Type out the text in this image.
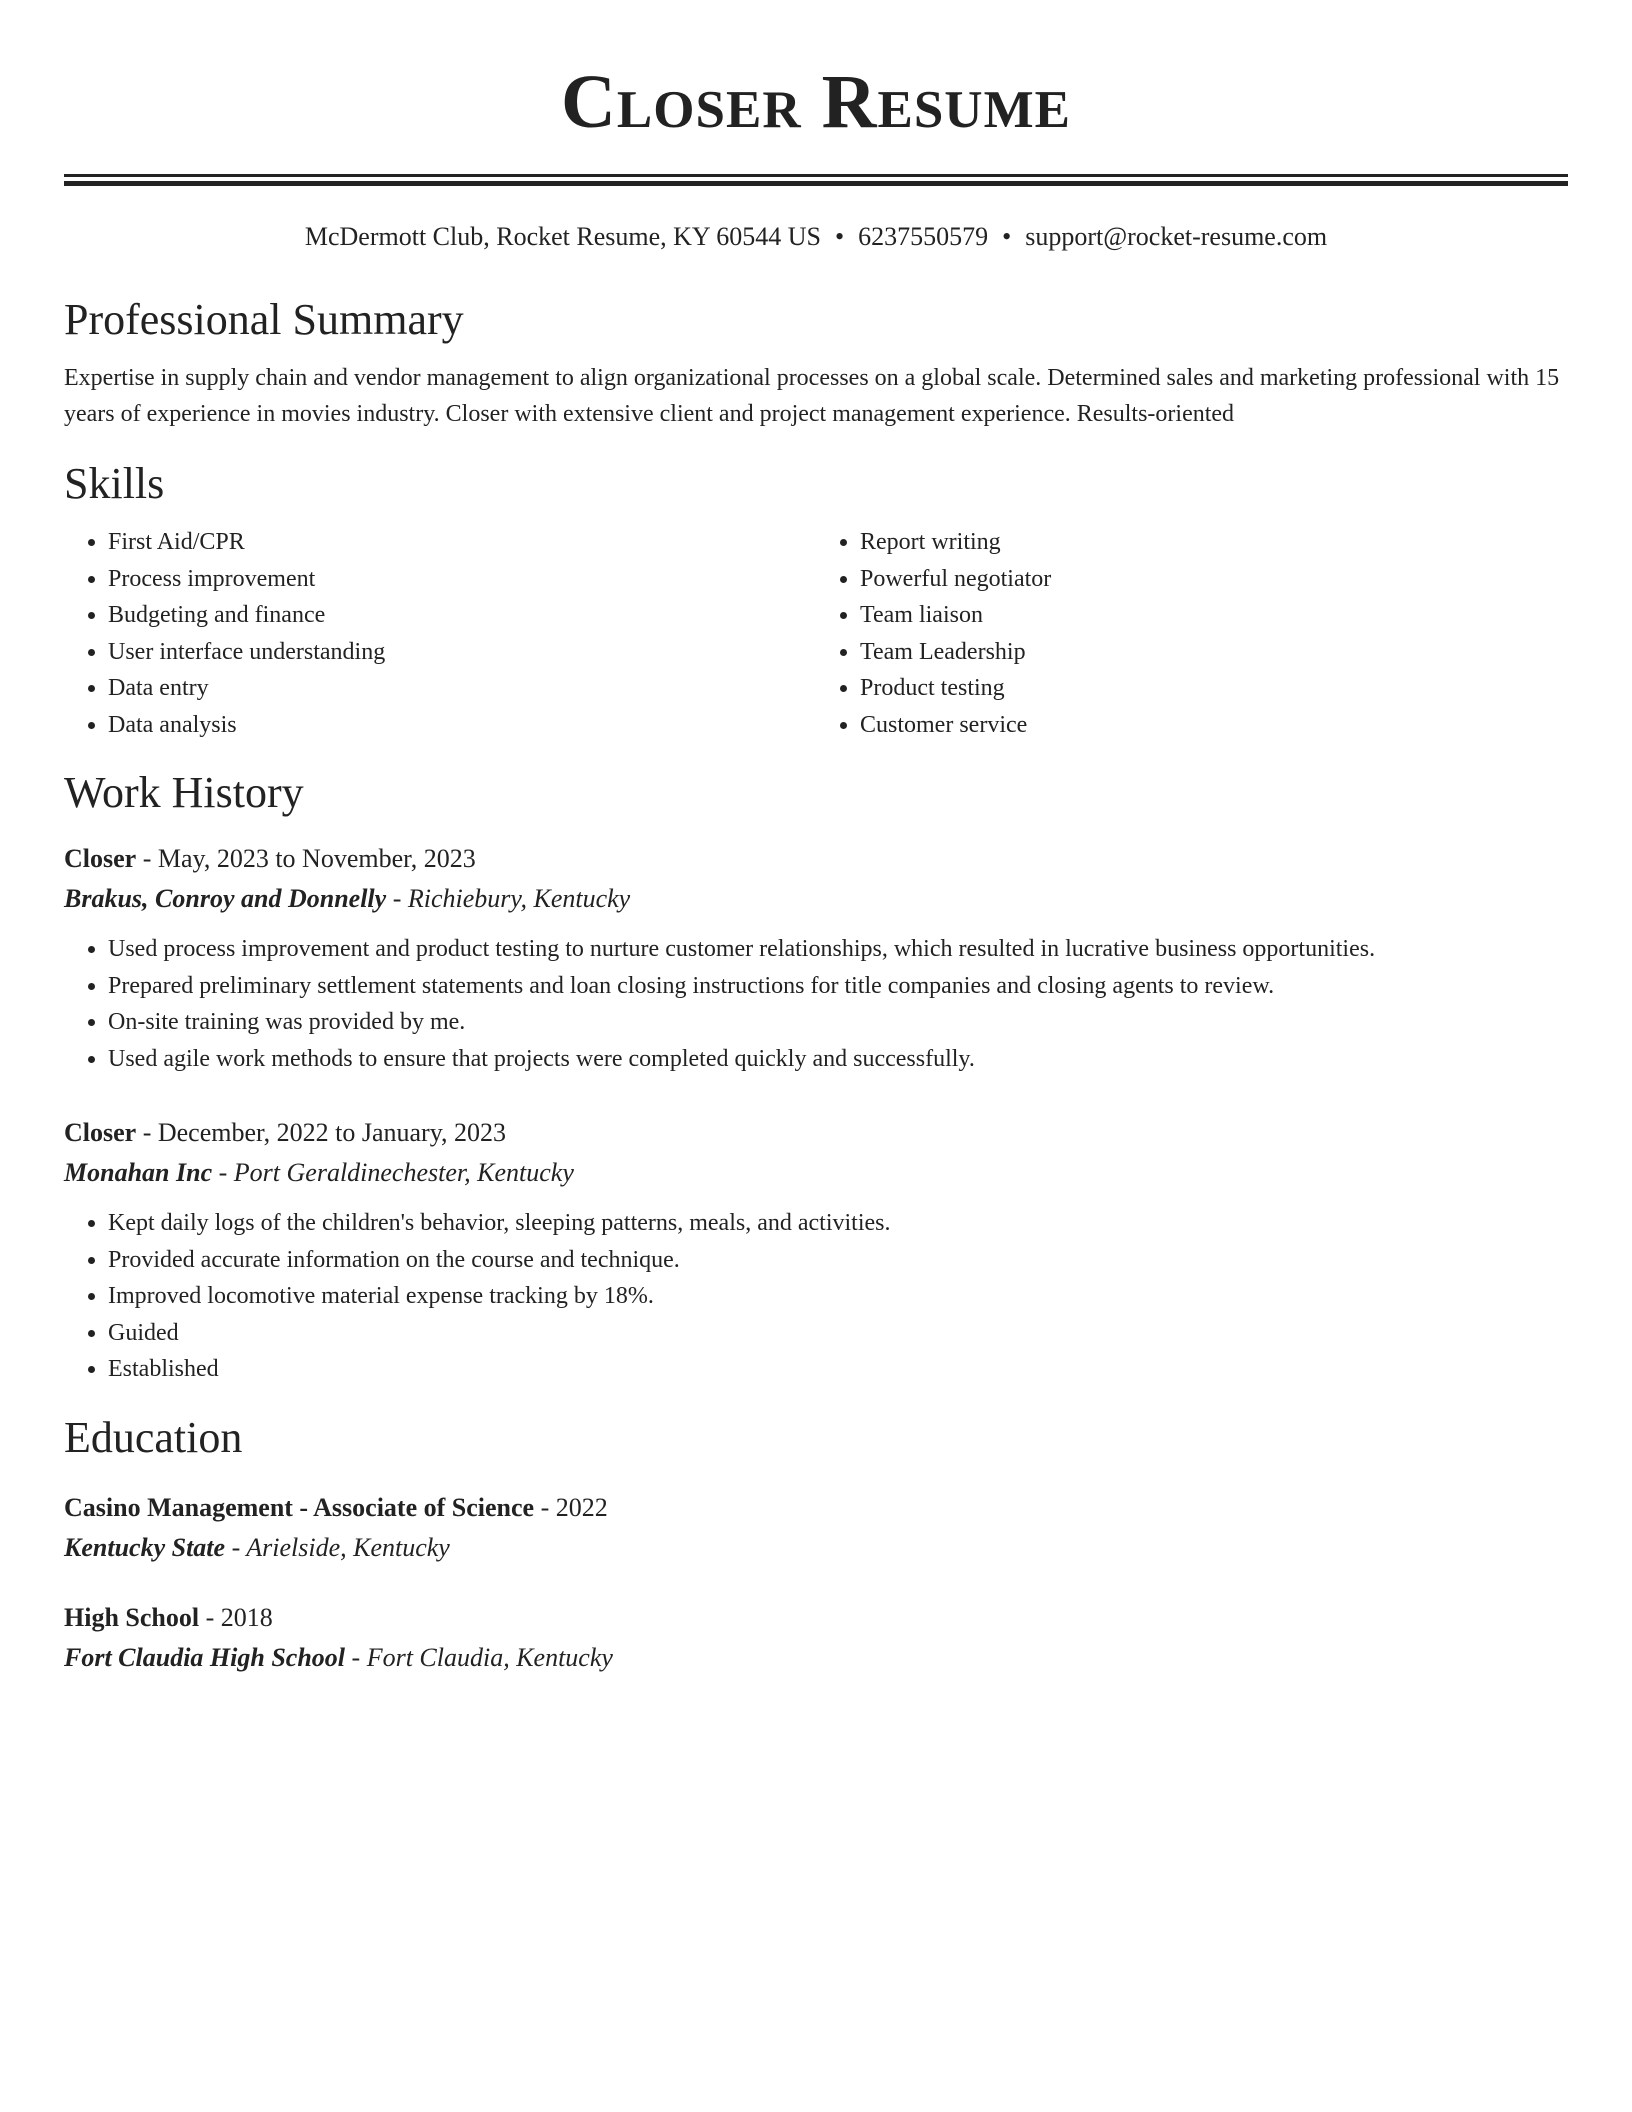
Closer Resume
McDermott Club, Rocket Resume, KY 60544 US • 6237550579 • support@rocket-resume.com
Professional Summary

Expertise in supply chain and vendor management to align organizational processes on a global scale. Determined sales and marketing professional with 15 years of experience in movies industry. Closer with extensive client and project management experience. Results-oriented

Skills
• First Aid/CPR
• Process improvement
• Budgeting and finance
• User interface understanding
• Data entry
• Data analysis
• Report writing
• Powerful negotiator
• Team liaison
• Team Leadership
• Product testing
• Customer service
Work History
Closer - May, 2023 to November, 2023
Brakus, Conroy and Donnelly - Richiebury, Kentucky
• Used process improvement and product testing to nurture customer relationships, which resulted in lucrative business opportunities.
• Prepared preliminary settlement statements and loan closing instructions for title companies and closing agents to review.
• On-site training was provided by me.
• Used agile work methods to ensure that projects were completed quickly and successfully.
Closer - December, 2022 to January, 2023
Monahan Inc - Port Geraldinechester, Kentucky
• Kept daily logs of the children's behavior, sleeping patterns, meals, and activities.
• Provided accurate information on the course and technique.
• Improved locomotive material expense tracking by 18%.
• Guided
• Established
Education
Casino Management - Associate of Science - 2022
Kentucky State - Arielside, Kentucky
High School - 2018
Fort Claudia High School - Fort Claudia, Kentucky
